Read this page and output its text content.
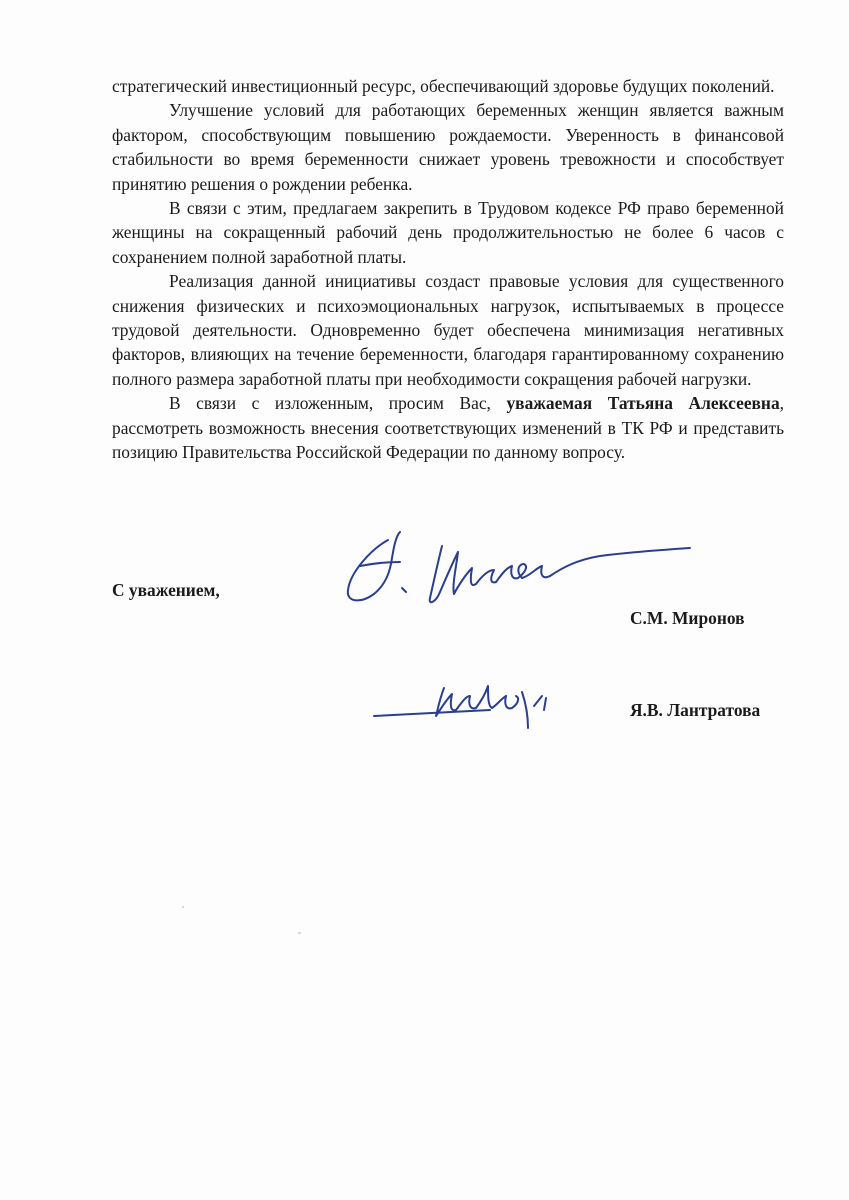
стратегический инвестиционный ресурс, обеспечивающий здоровье будущих поколений.

Улучшение условий для работающих беременных женщин является важным фактором, способствующим повышению рождаемости. Уверенность в финансовой стабильности во время беременности снижает уровень тревожности и способствует принятию решения о рождении ребенка.

В связи с этим, предлагаем закрепить в Трудовом кодексе РФ право беременной женщины на сокращенный рабочий день продолжительностью не более 6 часов с сохранением полной заработной платы.

Реализация данной инициативы создаст правовые условия для существенного снижения физических и психоэмоциональных нагрузок, испытываемых в процессе трудовой деятельности. Одновременно будет обеспечена минимизация негативных факторов, влияющих на течение беременности, благодаря гарантированному сохранению полного размера заработной платы при необходимости сокращения рабочей нагрузки.

В связи с изложенным, просим Вас, уважаемая Татьяна Алексеевна, рассмотреть возможность внесения соответствующих изменений в ТК РФ и представить позицию Правительства Российской Федерации по данному вопросу.

С уважением,
С.М. Миронов
Я.В. Лантратова
